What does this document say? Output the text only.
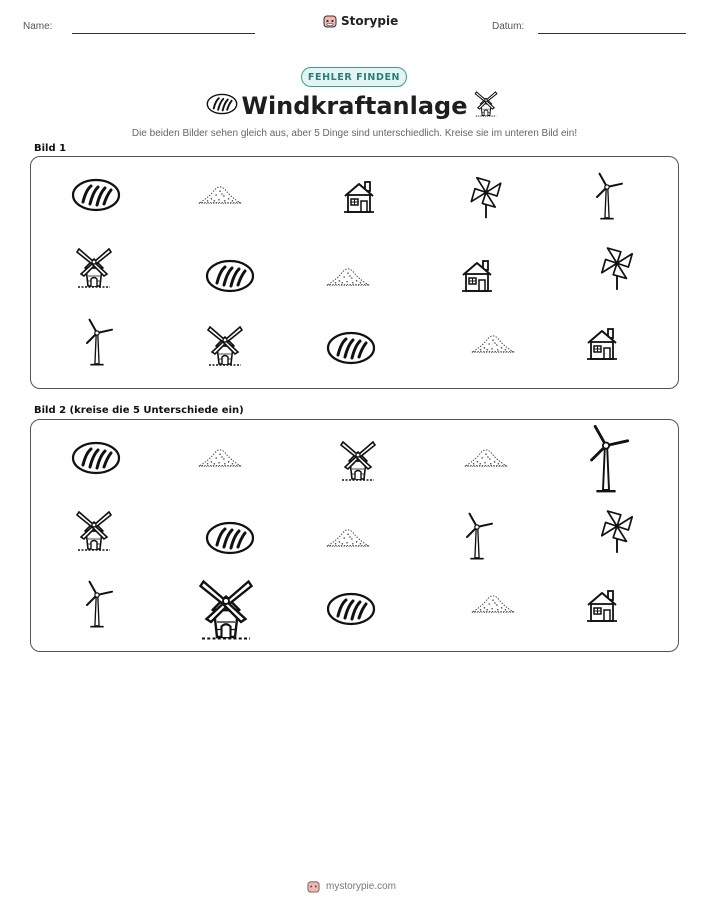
Name:	Storypie	Datum:
FEHLER FINDEN
Windkraftanlage
Die beiden Bilder sehen gleich aus, aber 5 Dinge sind unterschiedlich. Kreise sie im unteren Bild ein!
Bild 1
Bild 2 (kreise die 5 Unterschiede ein)
mystorypie.com
